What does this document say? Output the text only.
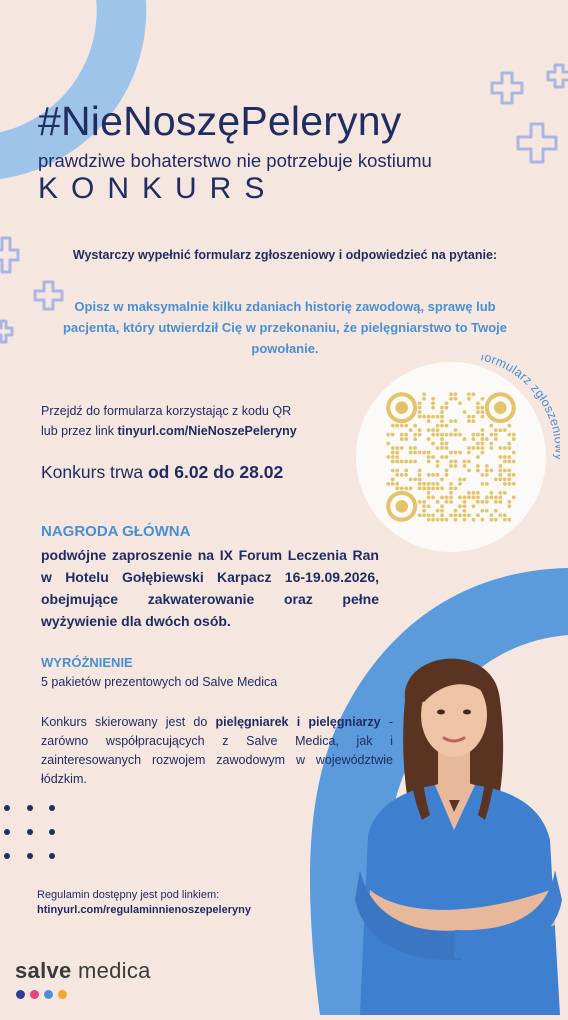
#NieNoszęPeleryny
prawdziwe bohaterstwo nie potrzebuje kostiumu
KONKURS
Wystarczy wypełnić formularz zgłoszeniowy i odpowiedzieć na pytanie:
Opisz w maksymalnie kilku zdaniach historię zawodową, sprawę lub pacjenta, który utwierdził Cię w przekonaniu, że pielęgniarstwo to Twoje powołanie.
Przejdź do formularza korzystając z kodu QR
lub przez link tinyurl.com/NieNoszePeleryny
Konkurs trwa od 6.02 do 28.02
formularz zgłosz
NAGRODA GŁÓWNA
podwójne zaproszenie na IX Forum Leczenia Ran w Hotelu Gołębiewski Karpacz 16-19.09.2026, obejmujące zakwaterowanie oraz pełne wyżywienie dla dwóch osób.
WYRÓŻNIENIE
5 pakietów prezentowych od Salve Medica
Konkurs skierowany jest do pielęgniarek i pielęgniarzy - zarówno współpracujących z Salve Medica, jak i zainteresowanych rozwojem zawodowym w województwie łódzkim.
Regulamin dostępny jest pod linkiem:
htinyurl.com/regulaminnienoszepeleryny
salve medica
